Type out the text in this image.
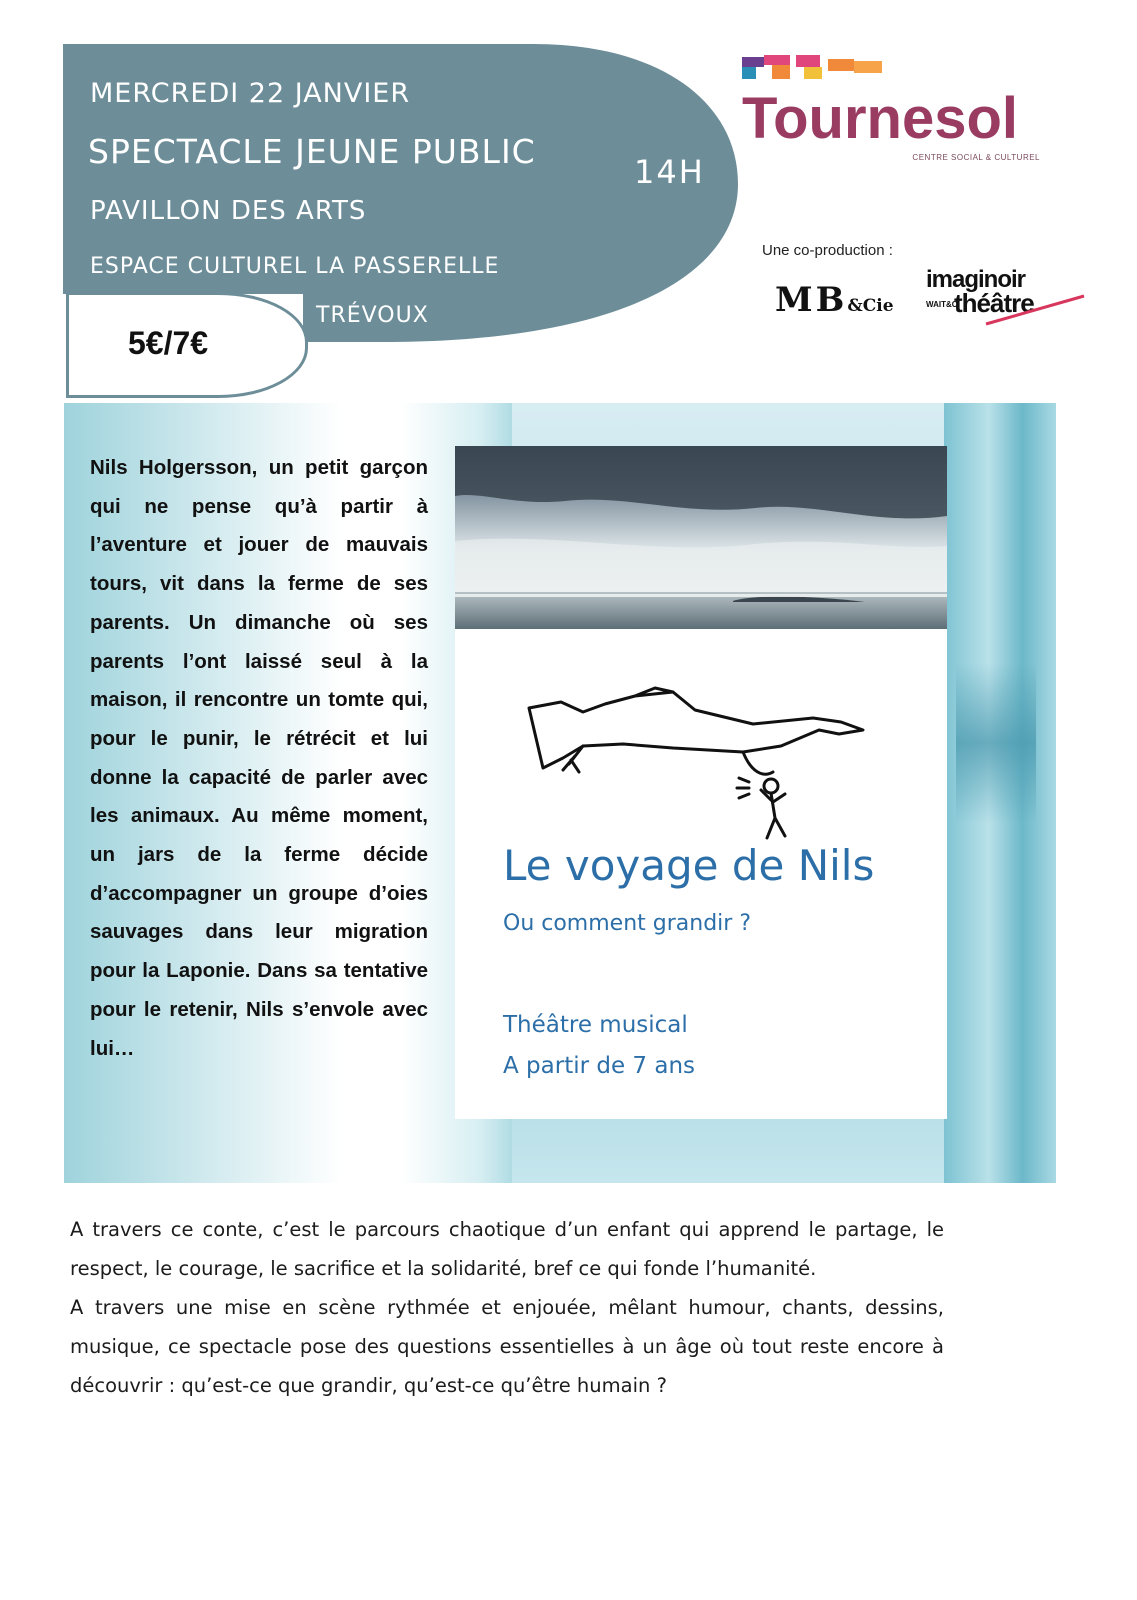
MERCREDI 22 JANVIER
SPECTACLE JEUNE PUBLIC
PAVILLON DES ARTS
ESPACE CULTUREL LA PASSERELLE
TRÉVOUX
14H
5€/7€
Tournesol
CENTRE SOCIAL & CULTUREL
Une co-production :
MB&Cie
imaginoir
WAIT&C
théâtre

Nils Holgersson, un petit garçon qui ne pense qu’à partir à l’aventure et jouer de mauvais tours, vit dans la ferme de ses parents. Un dimanche où ses parents l’ont laissé seul à la maison, il rencontre un tomte qui, pour le punir, le rétrécit et lui donne la capacité de parler avec les animaux. Au même moment, un jars de la ferme décide d’accompagner un groupe d’oies sauvages dans leur migration pour la Laponie. Dans sa tentative pour le retenir, Nils s’envole avec lui…

Le voyage de Nils
Ou comment grandir ?
Théâtre musical
A partir de 7 ans

A travers ce conte, c’est le parcours chaotique d’un enfant qui apprend le partage, le respect, le courage, le sacrifice et la solidarité, bref ce qui fonde l’humanité.

A travers une mise en scène rythmée et enjouée, mêlant humour, chants, dessins, musique, ce spectacle pose des questions essentielles à un âge où tout reste encore à découvrir : qu’est-ce que grandir, qu’est-ce qu’être humain ?
